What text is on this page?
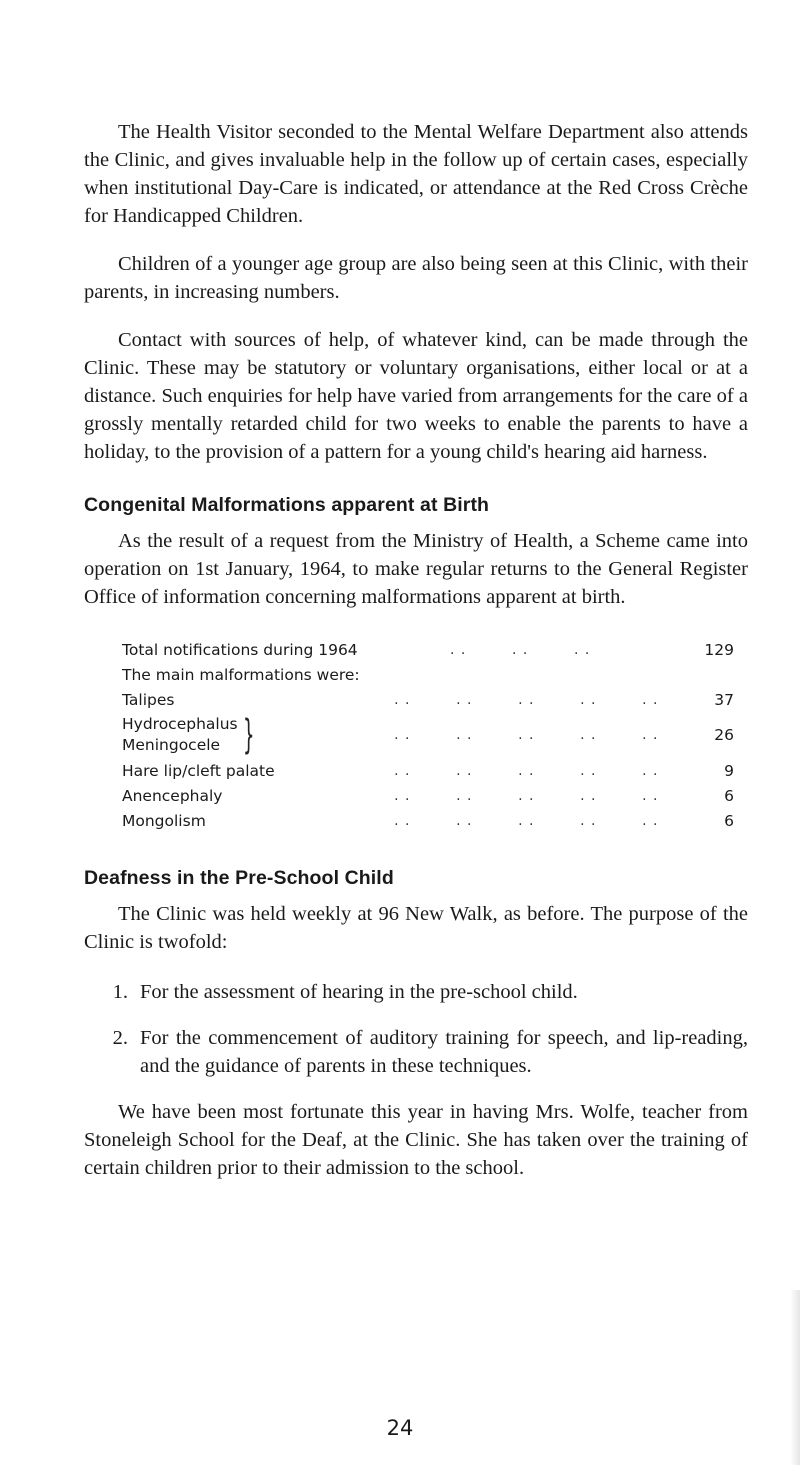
The Health Visitor seconded to the Mental Welfare Department also attends the Clinic, and gives invaluable help in the follow up of certain cases, especially when institutional Day-Care is indicated, or attendance at the Red Cross Crèche for Handicapped Children.

Children of a younger age group are also being seen at this Clinic, with their parents, in increasing numbers.

Contact with sources of help, of whatever kind, can be made through the Clinic. These may be statutory or voluntary organisations, either local or at a distance. Such enquiries for help have varied from arrangements for the care of a grossly mentally retarded child for two weeks to enable the parents to have a holiday, to the provision of a pattern for a young child's hearing aid harness.

Congenital Malformations apparent at Birth

As the result of a request from the Ministry of Health, a Scheme came into operation on 1st January, 1964, to make regular returns to the General Register Office of information concerning malformations apparent at birth.

Total notifications during 1964	. .	. .	. .	129
The main malformations were:
Talipes	. .	. .	. .	. .	. .	37
Hydrocephalus
Meningocele }	. .	. .	. .	. .	. .	26
Hare lip/cleft palate	. .	. .	. .	. .	. .	9
Anencephaly	. .	. .	. .	. .	. .	6
Mongolism	. .	. .	. .	. .	. .	6
Deafness in the Pre-School Child

The Clinic was held weekly at 96 New Walk, as before. The purpose of the Clinic is twofold:

1. For the assessment of hearing in the pre-school child.
2. For the commencement of auditory training for speech, and lip-reading, and the guidance of parents in these techniques.

We have been most fortunate this year in having Mrs. Wolfe, teacher from Stoneleigh School for the Deaf, at the Clinic. She has taken over the training of certain children prior to their admission to the school.

24
